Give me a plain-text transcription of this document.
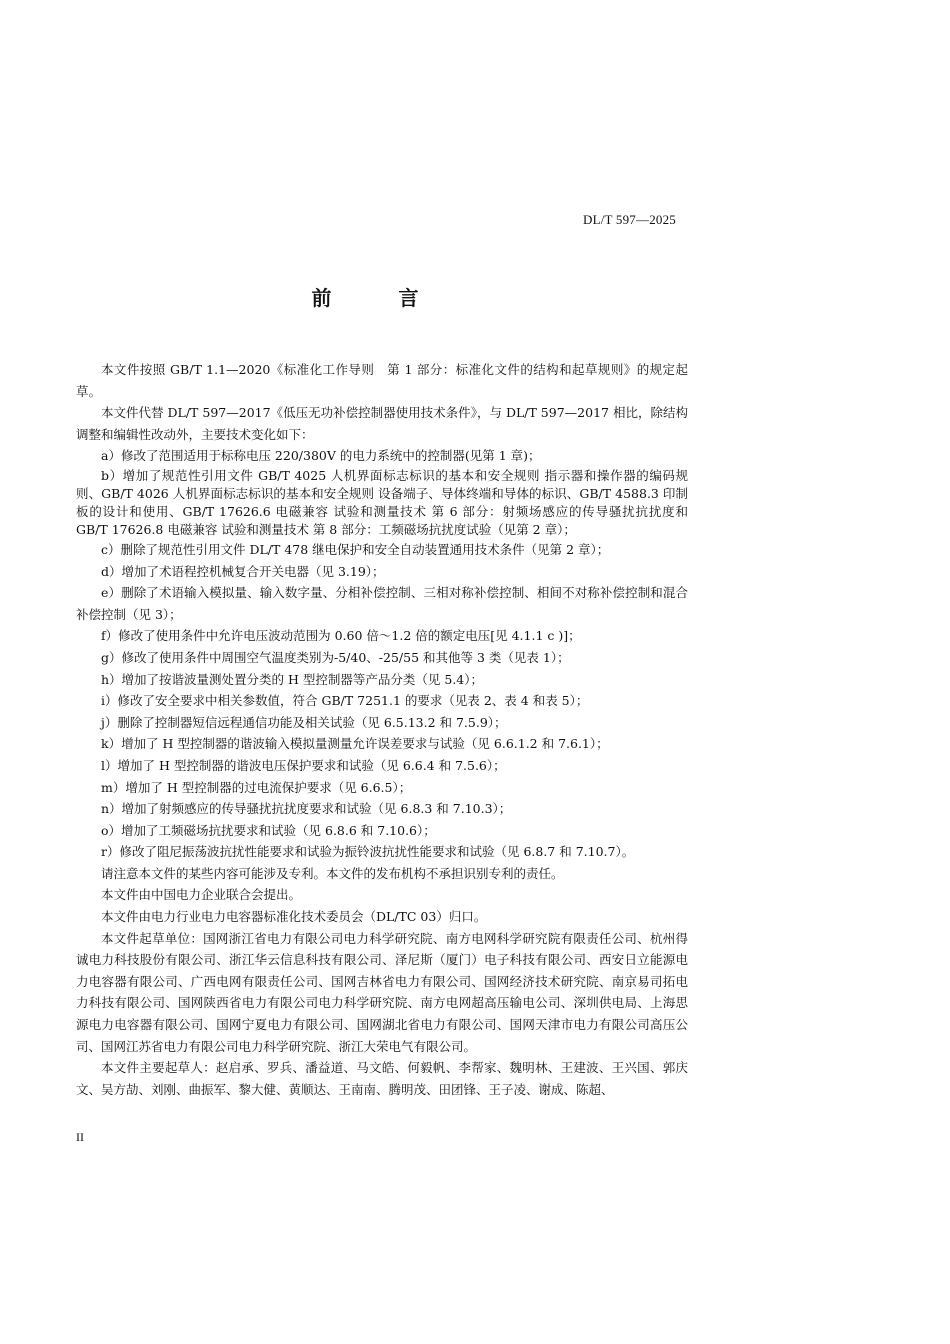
DL/T 597—2025
前 言

本文件按照 GB/T 1.1—2020《标准化工作导则　第 1 部分：标准化文件的结构和起草规则》的规定起草。

本文件代替 DL/T 597—2017《低压无功补偿控制器使用技术条件》，与 DL/T 597—2017 相比，除结构调整和编辑性改动外，主要技术变化如下：

a）修改了范围适用于标称电压 220/380V 的电力系统中的控制器(见第 1 章)；

b）增加了规范性引用文件 GB/T 4025 人机界面标志标识的基本和安全规则 指示器和操作器的编码规则、GB/T 4026 人机界面标志标识的基本和安全规则 设备端子、导体终端和导体的标识、GB/T 4588.3 印制板的设计和使用、GB/T 17626.6 电磁兼容 试验和测量技术 第 6 部分：射频场感应的传导骚扰抗扰度和 GB/T 17626.8 电磁兼容 试验和测量技术 第 8 部分：工频磁场抗扰度试验（见第 2 章）；

c）删除了规范性引用文件 DL/T 478 继电保护和安全自动装置通用技术条件（见第 2 章）；

d）增加了术语程控机械复合开关电器（见 3.19）；

e）删除了术语输入模拟量、输入数字量、分相补偿控制、三相对称补偿控制、相间不对称补偿控制和混合补偿控制（见 3）；

f）修改了使用条件中允许电压波动范围为 0.60 倍～1.2 倍的额定电压[见 4.1.1 c )]；

g）修改了使用条件中周围空气温度类别为-5/40、-25/55 和其他等 3 类（见表 1）；

h）增加了按谐波量测处置分类的 H 型控制器等产品分类（见 5.4）；

i）修改了安全要求中相关参数值，符合 GB/T 7251.1 的要求（见表 2、表 4 和表 5）；

j）删除了控制器短信远程通信功能及相关试验（见 6.5.13.2 和 7.5.9）；

k）增加了 H 型控制器的谐波输入模拟量测量允许误差要求与试验（见 6.6.1.2 和 7.6.1）；

l）增加了 H 型控制器的谐波电压保护要求和试验（见 6.6.4 和 7.5.6）；

m）增加了 H 型控制器的过电流保护要求（见 6.6.5）；

n）增加了射频感应的传导骚扰抗扰度要求和试验（见 6.8.3 和 7.10.3）；

o）增加了工频磁场抗扰要求和试验（见 6.8.6 和 7.10.6）；

r）修改了阻尼振荡波抗扰性能要求和试验为振铃波抗扰性能要求和试验（见 6.8.7 和 7.10.7）。

请注意本文件的某些内容可能涉及专利。本文件的发布机构不承担识别专利的责任。

本文件由中国电力企业联合会提出。

本文件由电力行业电力电容器标准化技术委员会（DL/TC 03）归口。

本文件起草单位：国网浙江省电力有限公司电力科学研究院、南方电网科学研究院有限责任公司、杭州得诚电力科技股份有限公司、浙江华云信息科技有限公司、泽尼斯（厦门）电子科技有限公司、西安日立能源电力电容器有限公司、广西电网有限责任公司、国网吉林省电力有限公司、国网经济技术研究院、南京易司拓电力科技有限公司、国网陕西省电力有限公司电力科学研究院、南方电网超高压输电公司、深圳供电局、上海思源电力电容器有限公司、国网宁夏电力有限公司、国网湖北省电力有限公司、国网天津市电力有限公司高压公司、国网江苏省电力有限公司电力科学研究院、浙江大荣电气有限公司。

本文件主要起草人：赵启承、罗兵、潘益道、马文皓、何毅帆、李帮家、魏明林、王建波、王兴国、郭庆文、吴方劼、刘刚、曲振军、黎大健、黄顺达、王南南、腾明茂、田团锋、王子凌、谢成、陈超、

II
